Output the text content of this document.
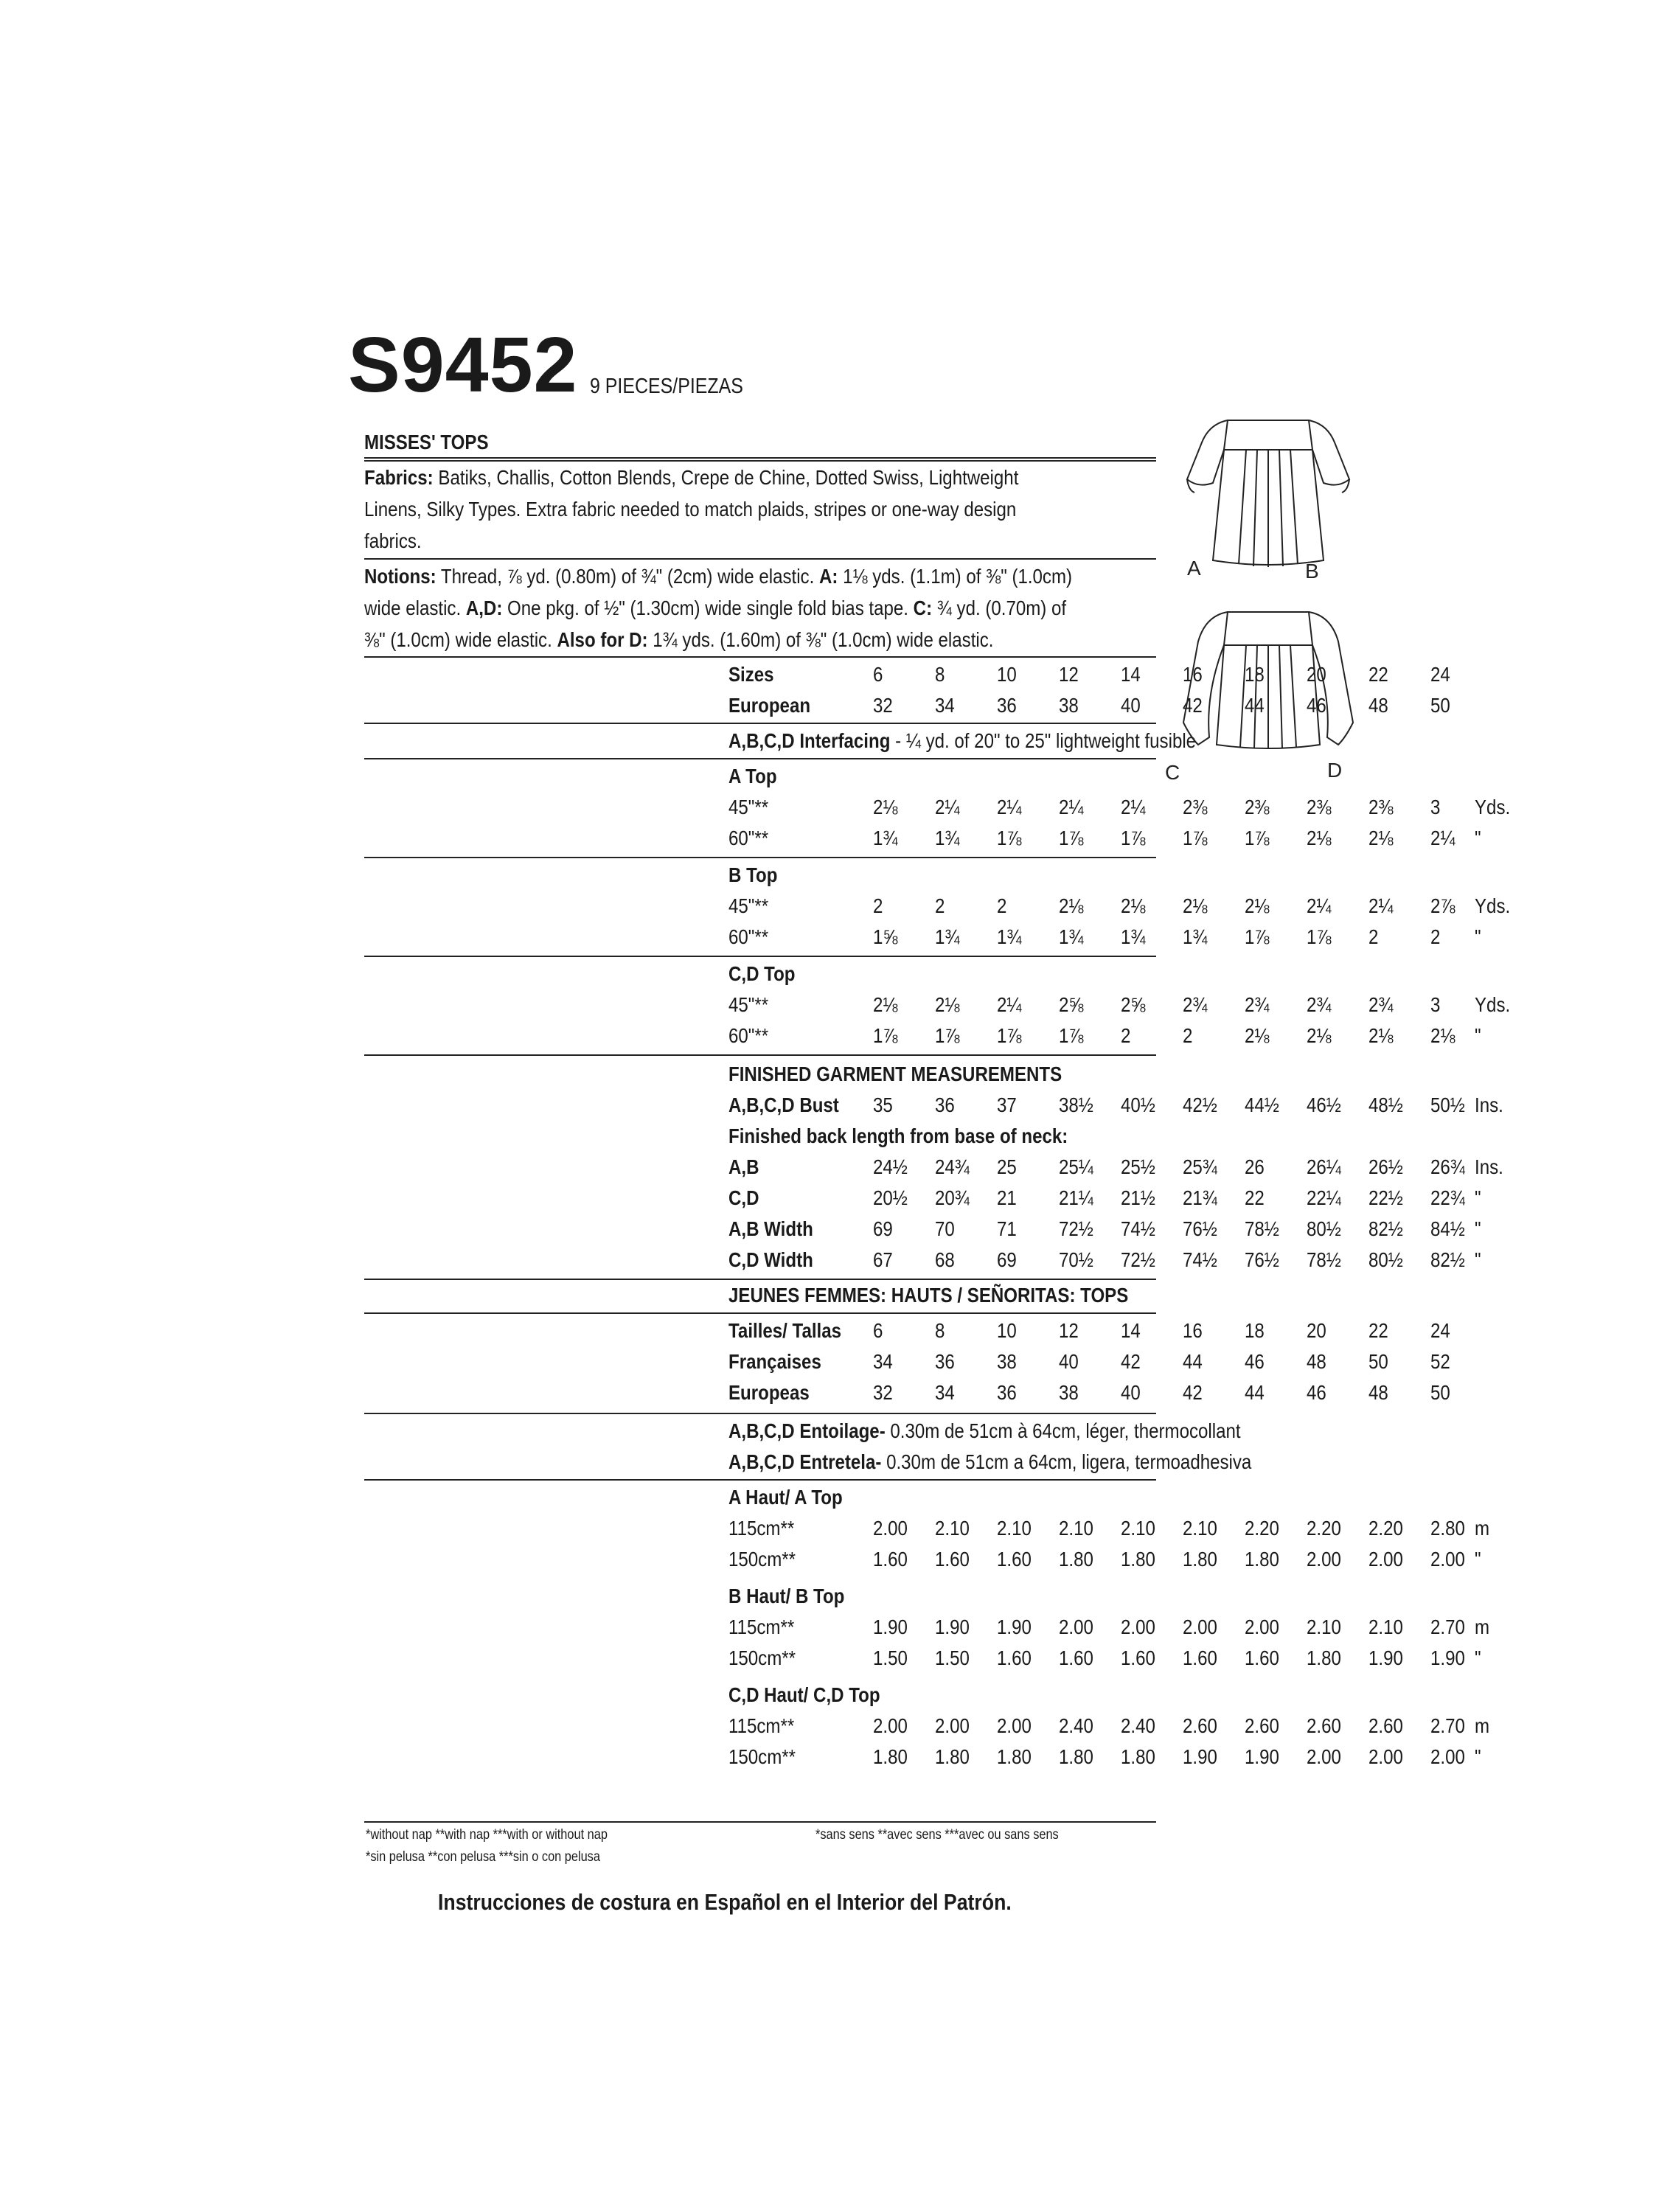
S9452 9 PIECES/PIEZAS
MISSES' TOPS
Fabrics: Batiks, Challis, Cotton Blends, Crepe de Chine, Dotted Swiss, Lightweight
Linens, Silky Types. Extra fabric needed to match plaids, stripes or one-way design
fabrics.
Notions: Thread, ⅞ yd. (0.80m) of ¾" (2cm) wide elastic. A: 1⅛ yds. (1.1m) of ⅜" (1.0cm)
wide elastic. A,D: One pkg. of ½" (1.30cm) wide single fold bias tape. C: ¾ yd. (0.70m) of
⅜" (1.0cm) wide elastic. Also for D: 1¾ yds. (1.60m) of ⅜" (1.0cm) wide elastic.
Sizes	6	8	10 12 14 16 18 20 22 24
European	32 34 36 38 40 42 44 46 48 50
A,B,C,D Interfacing - ¼ yd. of 20" to 25" lightweight fusible
A Top
45"**	2⅛ 2¼ 2¼ 2¼ 2¼ 2⅜ 2⅜ 2⅜ 2⅜ 3 Yds.
60"**	1¾ 1¾ 1⅞ 1⅞ 1⅞ 1⅞ 1⅞ 2⅛ 2⅛ 2¼ "
B Top
45"**	2	2	2	2⅛ 2⅛ 2⅛ 2⅛ 2¼ 2¼ 2⅞ Yds.
60"**	1⅝ 1¾ 1¾ 1¾ 1¾ 1¾ 1⅞ 1⅞ 2	2 "
C,D Top
45"**	2⅛ 2⅛ 2¼ 2⅝ 2⅝ 2¾ 2¾ 2¾ 2¾ 3 Yds.
60"**	1⅞ 1⅞ 1⅞ 1⅞ 2	2	2⅛ 2⅛ 2⅛ 2⅛ "
FINISHED GARMENT MEASUREMENTS
A,B,C,D Bust	35 36 37 38½ 40½ 42½ 44½ 46½ 48½ 50½ Ins.
Finished back length from base of neck:
A,B	24½ 24¾ 25 25¼ 25½ 25¾ 26 26¼ 26½ 26¾ Ins.
C,D	20½ 20¾ 21 21¼ 21½ 21¾ 22 22¼ 22½ 22¾ "
A,B Width	69 70 71 72½ 74½ 76½ 78½ 80½ 82½ 84½ "
C,D Width	67 68 69 70½ 72½ 74½ 76½ 78½ 80½ 82½ "
JEUNES FEMMES: HAUTS / SEÑORITAS: TOPS
Tailles/ Tallas	6	8	10 12 14 16 18 20 22 24
Françaises	34 36 38 40 42 44 46 48 50 52
Europeas	32 34 36 38 40 42 44 46 48 50
A,B,C,D Entoilage- 0.30m de 51cm à 64cm, léger, thermocollant
A,B,C,D Entretela- 0.30m de 51cm a 64cm, ligera, termoadhesiva
A Haut/ A Top
115cm**	2.00 2.10 2.10 2.10 2.10 2.10 2.20 2.20 2.20 2.80 m
150cm**	1.60 1.60 1.60 1.80 1.80 1.80 1.80 2.00 2.00 2.00 "
B Haut/ B Top
115cm**	1.90 1.90 1.90 2.00 2.00 2.00 2.00 2.10 2.10 2.70 m
150cm**	1.50 1.50 1.60 1.60 1.60 1.60 1.60 1.80 1.90 1.90 "
C,D Haut/ C,D Top
115cm**	2.00 2.00 2.00 2.40 2.40 2.60 2.60 2.60 2.60 2.70 m
150cm**	1.80 1.80 1.80 1.80 1.80 1.90 1.90 2.00 2.00 2.00 "
*without nap **with nap ***with or without nap	*sans sens **avec sens ***avec ou sans sens
*sin pelusa **con pelusa ***sin o con pelusa
Instrucciones de costura en Español en el Interior del Patrón.
A	B
C	D
